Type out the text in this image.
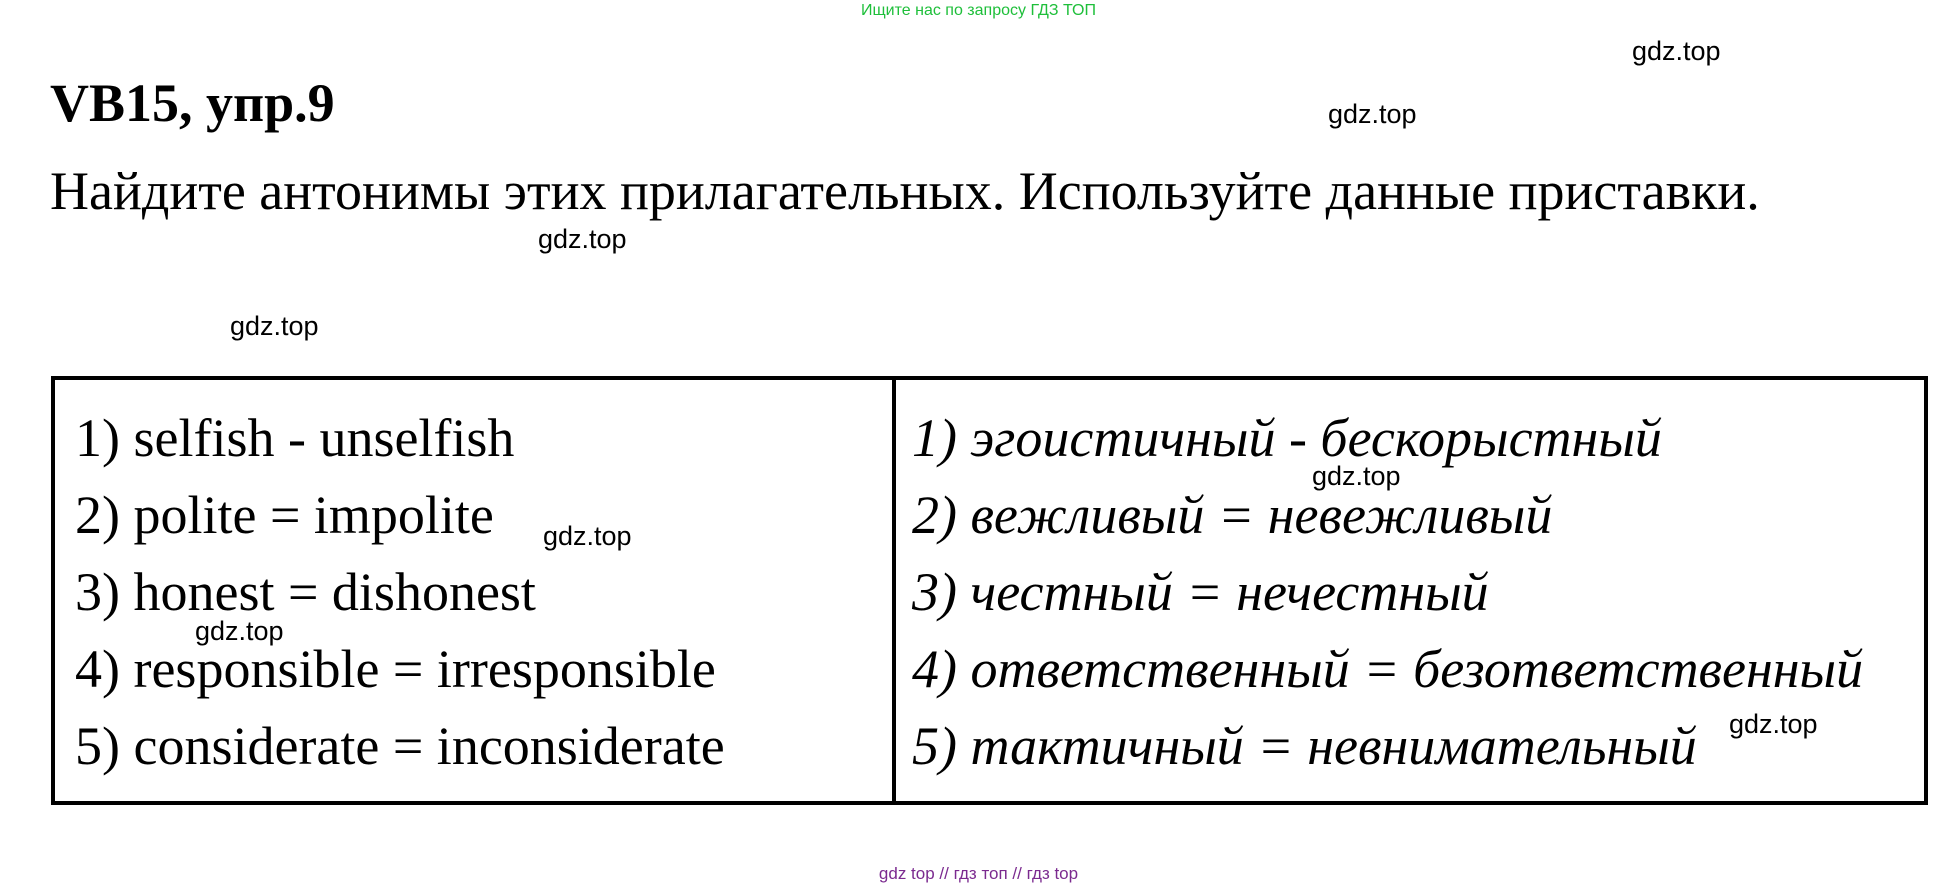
Ищите нас по запросу ГДЗ ТОП
gdz.top
VB15, упр.9	gdz.top

Найдите антонимы этих прилагательных. Используйте данные приставки.

gdz.top
gdz.top
1) selfish - unselfish
2) polite = impolite
3) honest = dishonest
4) responsible = irresponsible
5) considerate = inconsiderate
1) эгоистичный - бескорыстный
2) вежливый = невежливый
3) честный = нечестный
4) ответственный = безответственный
5) тактичный = невнимательный
gdz.top
gdz.top
gdz.top
gdz.top
gdz top // гдз топ // гдз top
